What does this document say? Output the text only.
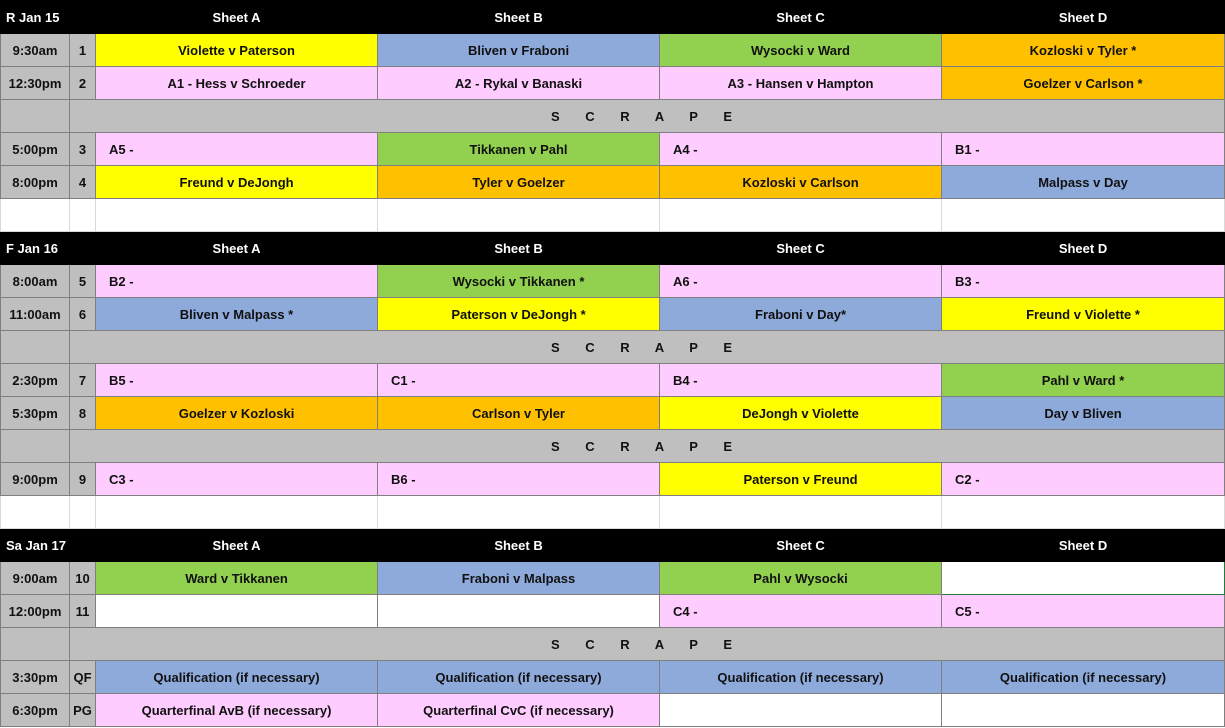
R Jan 15		Sheet A	Sheet B	Sheet C	Sheet D
9:30am	1	Violette v Paterson	Bliven v Fraboni	Wysocki v Ward	Kozloski v Tyler *
12:30pm	2	A1 - Hess v Schroeder	A2 - Rykal v Banaski	A3 - Hansen v Hampton	Goelzer v Carlson *
	S C R A P E				
5:00pm	3	A5 -	Tikkanen v Pahl	A4 -	B1 -
8:00pm	4	Freund v DeJongh	Tyler v Goelzer	Kozloski v Carlson	Malpass v Day

F Jan 16		Sheet A	Sheet B	Sheet C	Sheet D
8:00am	5	B2 -	Wysocki v Tikkanen *	A6 -	B3 -
11:00am	6	Bliven v Malpass *	Paterson v DeJongh *	Fraboni v Day*	Freund v Violette *
	S C R A P E				
2:30pm	7	B5 -	C1 -	B4 -	Pahl v Ward *
5:30pm	8	Goelzer v Kozloski	Carlson v Tyler	DeJongh v Violette	Day v Bliven
	S C R A P E				
9:00pm	9	C3 -	B6 -	Paterson v Freund	C2 -

Sa Jan 17		Sheet A	Sheet B	Sheet C	Sheet D
9:00am	10	Ward v Tikkanen	Fraboni v Malpass	Pahl v Wysocki	
12:00pm	11			C4 -	C5 -
	S C R A P E				
3:30pm	QF	Qualification (if necessary)	Qualification (if necessary)	Qualification (if necessary)	Qualification (if necessary)
6:30pm	PG	Quarterfinal AvB (if necessary)	Quarterfinal CvC (if necessary)		
